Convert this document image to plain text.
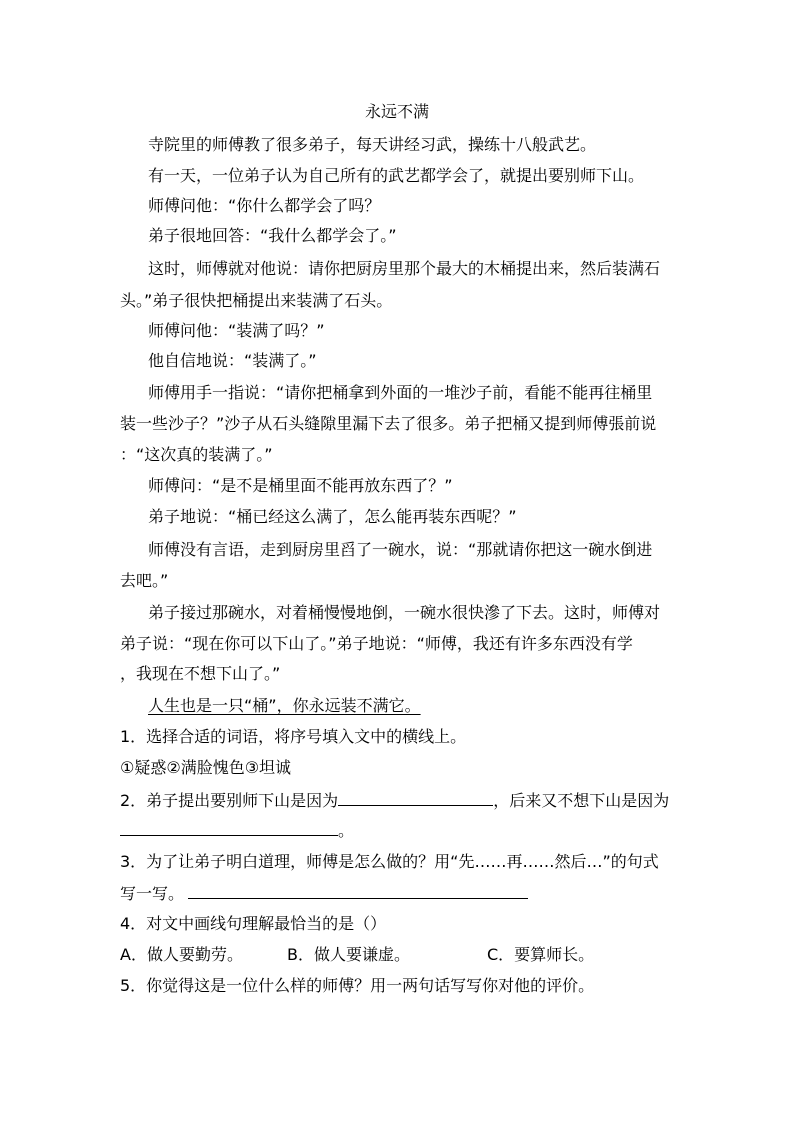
永远不满
寺院里的师傅教了很多弟子，每天讲经习武，操练十八般武艺。
有一天，一位弟子认为自己所有的武艺都学会了，就提出要别师下山。
师傅问他：“你什么都学会了吗？
弟子很地回答：“我什么都学会了。”
这时，师傅就对他说：请你把厨房里那个最大的木桶提出来，然后装满石
头。”弟子很快把桶提出来装满了石头。
师傅问他：“装满了吗？”
他自信地说：“装满了。”
师傅用手一指说：“请你把桶拿到外面的一堆沙子前，看能不能再往桶里
装一些沙子？”沙子从石头缝隙里漏下去了很多。弟子把桶又提到师傅張前说
：“这次真的装满了。”
师傅问：“是不是桶里面不能再放东西了？”
弟子地说：“桶已经这么满了，怎么能再装东西呢？”
师傅没有言语，走到厨房里舀了一碗水，说：“那就请你把这一碗水倒进
去吧。”
弟子接过那碗水，对着桶慢慢地倒，一碗水很快滲了下去。这时，师傅对
弟子说：“现在你可以下山了。”弟子地说：“师傅，我还有许多东西没有学
，我现在不想下山了。”
人生也是一只“桶”，你永远装不满它。
1．选择合适的词语，将序号填入文中的横线上。
①疑惑②满脸愧色③坦诚
2．弟子提出要别师下山是因为	，后来又不想下山是因为
。
3．为了让弟子明白道理，师傅是怎么做的？用“先……再……然后…”的句式
写一写。
4．对文中画线句理解最恰当的是（）
A．做人要勤劳。	B．做人要谦虚。	C．要算师长。
5．你觉得这是一位什么样的师傅？用一两句话写写你对他的评价。
